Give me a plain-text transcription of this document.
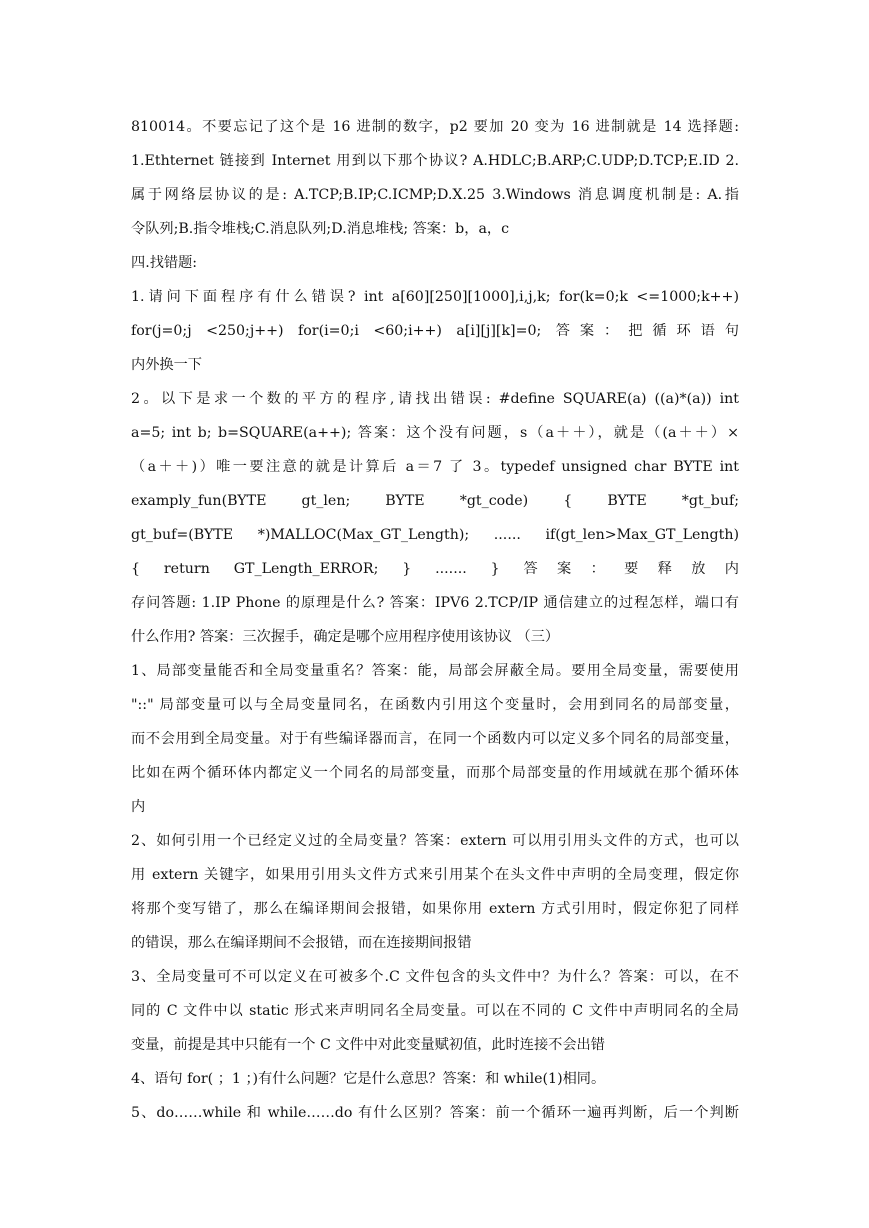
810014。不要忘记了这个是 16 进制的数字，p2 要加 20 变为 16 进制就是 14 选择题:
1.Ethternet 链接到 Internet 用到以下那个协议? A.HDLC;B.ARP;C.UDP;D.TCP;E.ID 2.
属于网络层协议的是: A.TCP;B.IP;C.ICMP;D.X.25 3.Windows 消息调度机制是: A.指
令队列;B.指令堆栈;C.消息队列;D.消息堆栈; 答案：b，a，c
四.找错题:
1.请问下面程序有什么错误? int a[60][250][1000],i,j,k; for(k=0;k <=1000;k++)
for(j=0;j <250;j++) for(i=0;i <60;i++) a[i][j][k]=0; 答案：把循环语句
内外换一下
2。以下是求一个数的平方的程序,请找出错误: #define SQUARE(a) ((a)*(a)) int
a=5; int b; b=SQUARE(a++); 答案：这个没有问题，s（a＋＋），就是（(a＋＋）×
（a＋＋)）唯一要注意的就是计算后 a＝7 了 3。typedef unsigned char BYTE int
examply_fun(BYTE gt_len; BYTE *gt_code) { BYTE *gt_buf;
gt_buf=(BYTE *)MALLOC(Max_GT_Length); ...... if(gt_len>Max_GT_Length)
{ return GT_Length_ERROR; } ....... } 答案：要释放内
存问答题: 1.IP Phone 的原理是什么? 答案：IPV6 2.TCP/IP 通信建立的过程怎样，端口有
什么作用? 答案：三次握手，确定是哪个应用程序使用该协议 （三）
1、局部变量能否和全局变量重名？答案：能，局部会屏蔽全局。要用全局变量，需要使用
"::" 局部变量可以与全局变量同名，在函数内引用这个变量时，会用到同名的局部变量，
而不会用到全局变量。对于有些编译器而言，在同一个函数内可以定义多个同名的局部变量，
比如在两个循环体内都定义一个同名的局部变量，而那个局部变量的作用域就在那个循环体
内
2、如何引用一个已经定义过的全局变量？答案：extern 可以用引用头文件的方式，也可以
用 extern 关键字，如果用引用头文件方式来引用某个在头文件中声明的全局变理，假定你
将那个变写错了，那么在编译期间会报错，如果你用 extern 方式引用时，假定你犯了同样
的错误，那么在编译期间不会报错，而在连接期间报错
3、全局变量可不可以定义在可被多个.C 文件包含的头文件中？为什么？答案：可以，在不
同的 C 文件中以 static 形式来声明同名全局变量。可以在不同的 C 文件中声明同名的全局
变量，前提是其中只能有一个 C 文件中对此变量赋初值，此时连接不会出错
4、语句 for( ；1 ；)有什么问题？它是什么意思？答案：和 while(1)相同。
5、do……while 和 while……do 有什么区别？答案：前一个循环一遍再判断，后一个判断
